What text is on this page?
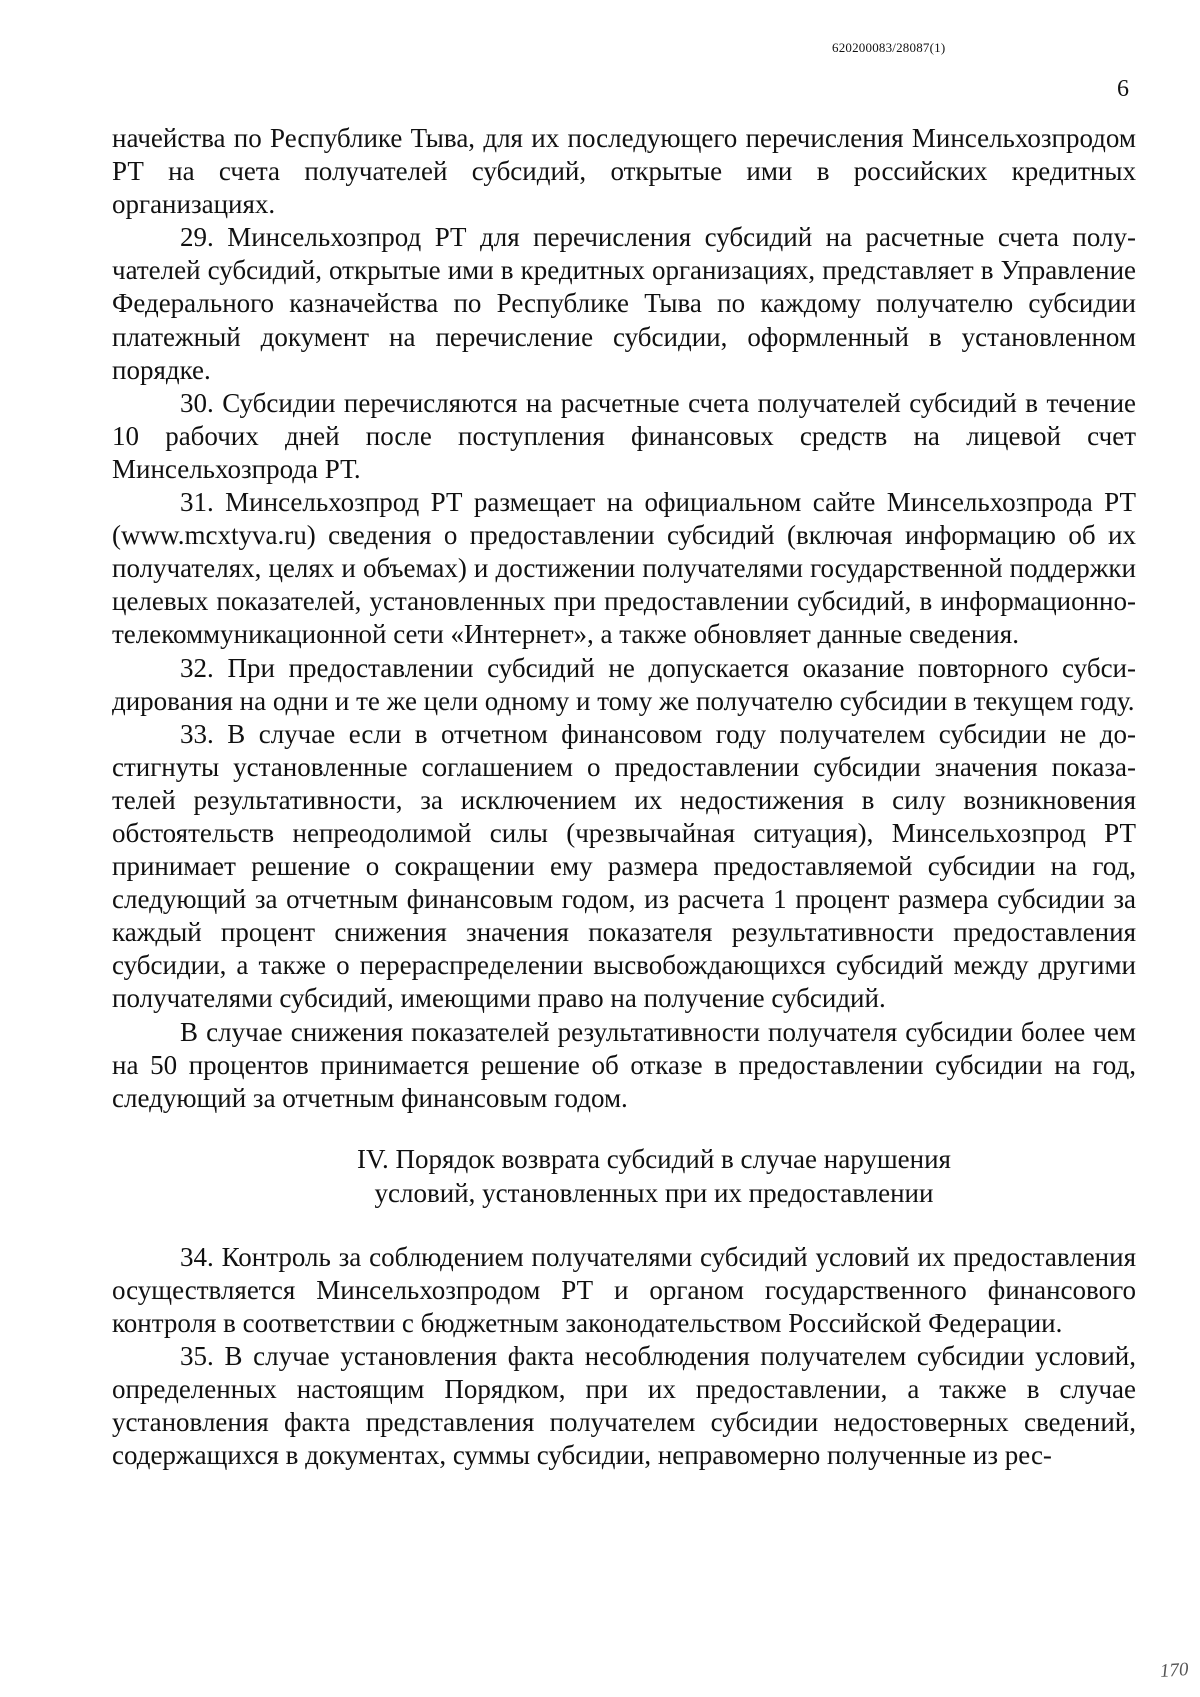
620200083/28087(1)
6

начейства по Республике Тыва, для их последующего перечисления Минсельхозпродом РТ на счета получателей субсидий, открытые ими в российских кредитных организациях.

29. Минсельхозпрод РТ для перечисления субсидий на расчетные счета получателей субсидий, открытые ими в кредитных организациях, представляет в Управление Федерального казначейства по Республике Тыва по каждому получателю субсидии платежный документ на перечисление субсидии, оформленный в установленном порядке.

30. Субсидии перечисляются на расчетные счета получателей субсидий в течение 10 рабочих дней после поступления финансовых средств на лицевой счет Минсельхозпрода РТ.

31. Минсельхозпрод РТ размещает на официальном сайте Минсельхозпрода РТ (www.mcxtyva.ru) сведения о предоставлении субсидий (включая информацию об их получателях, целях и объемах) и достижении получателями государственной поддержки целевых показателей, установленных при предоставлении субсидий, в информационно-телекоммуникационной сети «Интернет», а также обновляет данные сведения.

32. При предоставлении субсидий не допускается оказание повторного субсидирования на одни и те же цели одному и тому же получателю субсидии в текущем году.

33. В случае если в отчетном финансовом году получателем субсидии не достигнуты установленные соглашением о предоставлении субсидии значения показателей результативности, за исключением их недостижения в силу возникновения обстоятельств непреодолимой силы (чрезвычайная ситуация), Минсельхозпрод РТ принимает решение о сокращении ему размера предоставляемой субсидии на год, следующий за отчетным финансовым годом, из расчета 1 процент размера субсидии за каждый процент снижения значения показателя результативности предоставления субсидии, а также о перераспределении высвобождающихся субсидий между другими получателями субсидий, имеющими право на получение субсидий.

В случае снижения показателей результативности получателя субсидии более чем на 50 процентов принимается решение об отказе в предоставлении субсидии на год, следующий за отчетным финансовым годом.

IV. Порядок возврата субсидий в случае нарушения
условий, установленных при их предоставлении

34. Контроль за соблюдением получателями субсидий условий их предоставления осуществляется Минсельхозпродом РТ и органом государственного финансового контроля в соответствии с бюджетным законодательством Российской Федерации.

35. В случае установления факта несоблюдения получателем субсидии условий, определенных настоящим Порядком, при их предоставлении, а также в случае установления факта представления получателем субсидии недостоверных сведений, содержащихся в документах, суммы субсидии, неправомерно полученные из рес-

170
